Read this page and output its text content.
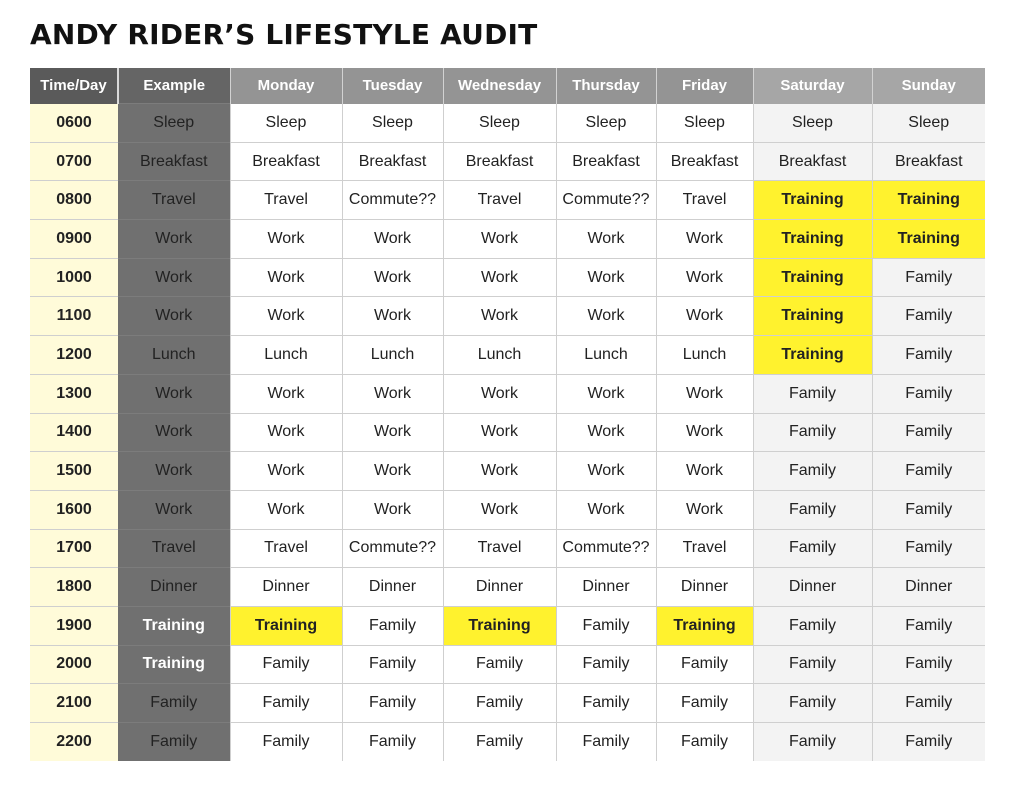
ANDY RIDER’S LIFESTYLE AUDIT
Time/Day	Example	Monday	Tuesday	Wednesday	Thursday	Friday	Saturday	Sunday
0600	Sleep	Sleep	Sleep	Sleep	Sleep	Sleep	Sleep	Sleep
0700	Breakfast	Breakfast	Breakfast	Breakfast	Breakfast	Breakfast	Breakfast	Breakfast
0800	Travel	Travel	Commute??	Travel	Commute??	Travel	Training	Training
0900	Work	Work	Work	Work	Work	Work	Training	Training
1000	Work	Work	Work	Work	Work	Work	Training	Family
1100	Work	Work	Work	Work	Work	Work	Training	Family
1200	Lunch	Lunch	Lunch	Lunch	Lunch	Lunch	Training	Family
1300	Work	Work	Work	Work	Work	Work	Family	Family
1400	Work	Work	Work	Work	Work	Work	Family	Family
1500	Work	Work	Work	Work	Work	Work	Family	Family
1600	Work	Work	Work	Work	Work	Work	Family	Family
1700	Travel	Travel	Commute??	Travel	Commute??	Travel	Family	Family
1800	Dinner	Dinner	Dinner	Dinner	Dinner	Dinner	Dinner	Dinner
1900	Training	Training	Family	Training	Family	Training	Family	Family
2000	Training	Family	Family	Family	Family	Family	Family	Family
2100	Family	Family	Family	Family	Family	Family	Family	Family
2200	Family	Family	Family	Family	Family	Family	Family	Family
